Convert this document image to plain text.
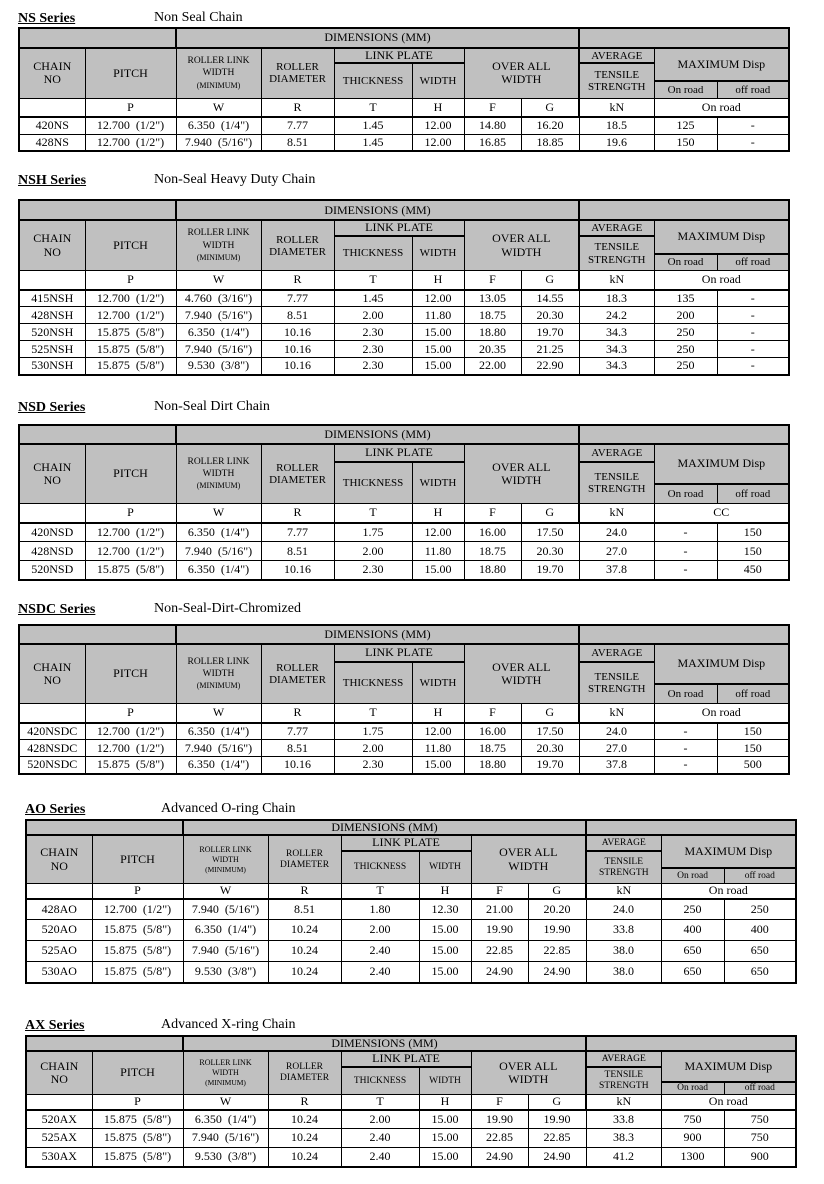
NS Series	Non Seal Chain
		DIMENSIONS (MM)								
CHAIN
NO	PITCH	ROLLER LINK
WIDTH
(MINIMUM)	ROLLER
DIAMETER	LINK PLATE		OVER ALL
WIDTH		AVERAGE	MAXIMUM Disp	
				THICKNESS	WIDTH			TENSILE
STRENGTH		
									On road	off road
	P	W	R	T	H	F	G	kN	On road	
420NS	12.700  (1/2")	6.350  (1/4")	7.77	1.45	12.00	14.80	16.20	18.5	125	-
428NS	12.700  (1/2")	7.940  (5/16")	8.51	1.45	12.00	16.85	18.85	19.6	150	-
NSH Series	Non-Seal Heavy Duty Chain
		DIMENSIONS (MM)								
CHAIN
NO	PITCH	ROLLER LINK
WIDTH
(MINIMUM)	ROLLER
DIAMETER	LINK PLATE		OVER ALL
WIDTH		AVERAGE	MAXIMUM Disp	
				THICKNESS	WIDTH			TENSILE
STRENGTH		
									On road	off road
	P	W	R	T	H	F	G	kN	On road	
415NSH	12.700  (1/2")	4.760  (3/16")	7.77	1.45	12.00	13.05	14.55	18.3	135	-
428NSH	12.700  (1/2")	7.940  (5/16")	8.51	2.00	11.80	18.75	20.30	24.2	200	-
520NSH	15.875  (5/8")	6.350  (1/4")	10.16	2.30	15.00	18.80	19.70	34.3	250	-
525NSH	15.875  (5/8")	7.940  (5/16")	10.16	2.30	15.00	20.35	21.25	34.3	250	-
530NSH	15.875  (5/8")	9.530  (3/8")	10.16	2.30	15.00	22.00	22.90	34.3	250	-
NSD Series	Non-Seal Dirt Chain
		DIMENSIONS (MM)								
CHAIN
NO	PITCH	ROLLER LINK
WIDTH
(MINIMUM)	ROLLER
DIAMETER	LINK PLATE		OVER ALL
WIDTH		AVERAGE	MAXIMUM Disp	
				THICKNESS	WIDTH			TENSILE
STRENGTH		
									On road	off road
	P	W	R	T	H	F	G	kN	CC	
420NSD	12.700  (1/2")	6.350  (1/4")	7.77	1.75	12.00	16.00	17.50	24.0	-	150
428NSD	12.700  (1/2")	7.940  (5/16")	8.51	2.00	11.80	18.75	20.30	27.0	-	150
520NSD	15.875  (5/8")	6.350  (1/4")	10.16	2.30	15.00	18.80	19.70	37.8	-	450
NSDC Series	Non-Seal-Dirt-Chromized
		DIMENSIONS (MM)								
CHAIN
NO	PITCH	ROLLER LINK
WIDTH
(MINIMUM)	ROLLER
DIAMETER	LINK PLATE		OVER ALL
WIDTH		AVERAGE	MAXIMUM Disp	
				THICKNESS	WIDTH			TENSILE
STRENGTH		
									On road	off road
	P	W	R	T	H	F	G	kN	On road	
420NSDC	12.700  (1/2")	6.350  (1/4")	7.77	1.75	12.00	16.00	17.50	24.0	-	150
428NSDC	12.700  (1/2")	7.940  (5/16")	8.51	2.00	11.80	18.75	20.30	27.0	-	150
520NSDC	15.875  (5/8")	6.350  (1/4")	10.16	2.30	15.00	18.80	19.70	37.8	-	500
AO Series	Advanced O-ring Chain
		DIMENSIONS (MM)								
CHAIN
NO	PITCH	ROLLER LINK
WIDTH
(MINIMUM)	ROLLER
DIAMETER	LINK PLATE		OVER ALL
WIDTH		AVERAGE	MAXIMUM Disp	
				THICKNESS	WIDTH			TENSILE
STRENGTH		
									On road	off road
	P	W	R	T	H	F	G	kN	On road	
428AO	12.700  (1/2")	7.940  (5/16")	8.51	1.80	12.30	21.00	20.20	24.0	250	250
520AO	15.875  (5/8")	6.350  (1/4")	10.24	2.00	15.00	19.90	19.90	33.8	400	400
525AO	15.875  (5/8")	7.940  (5/16")	10.24	2.40	15.00	22.85	22.85	38.0	650	650
530AO	15.875  (5/8")	9.530  (3/8")	10.24	2.40	15.00	24.90	24.90	38.0	650	650
AX Series	Advanced X-ring Chain
		DIMENSIONS (MM)								
CHAIN
NO	PITCH	ROLLER LINK
WIDTH
(MINIMUM)	ROLLER
DIAMETER	LINK PLATE		OVER ALL
WIDTH		AVERAGE	MAXIMUM Disp	
				THICKNESS	WIDTH			TENSILE
STRENGTH		
									On road	off road
	P	W	R	T	H	F	G	kN	On road	
520AX	15.875  (5/8")	6.350  (1/4")	10.24	2.00	15.00	19.90	19.90	33.8	750	750
525AX	15.875  (5/8")	7.940  (5/16")	10.24	2.40	15.00	22.85	22.85	38.3	900	750
530AX	15.875  (5/8")	9.530  (3/8")	10.24	2.40	15.00	24.90	24.90	41.2	1300	900
